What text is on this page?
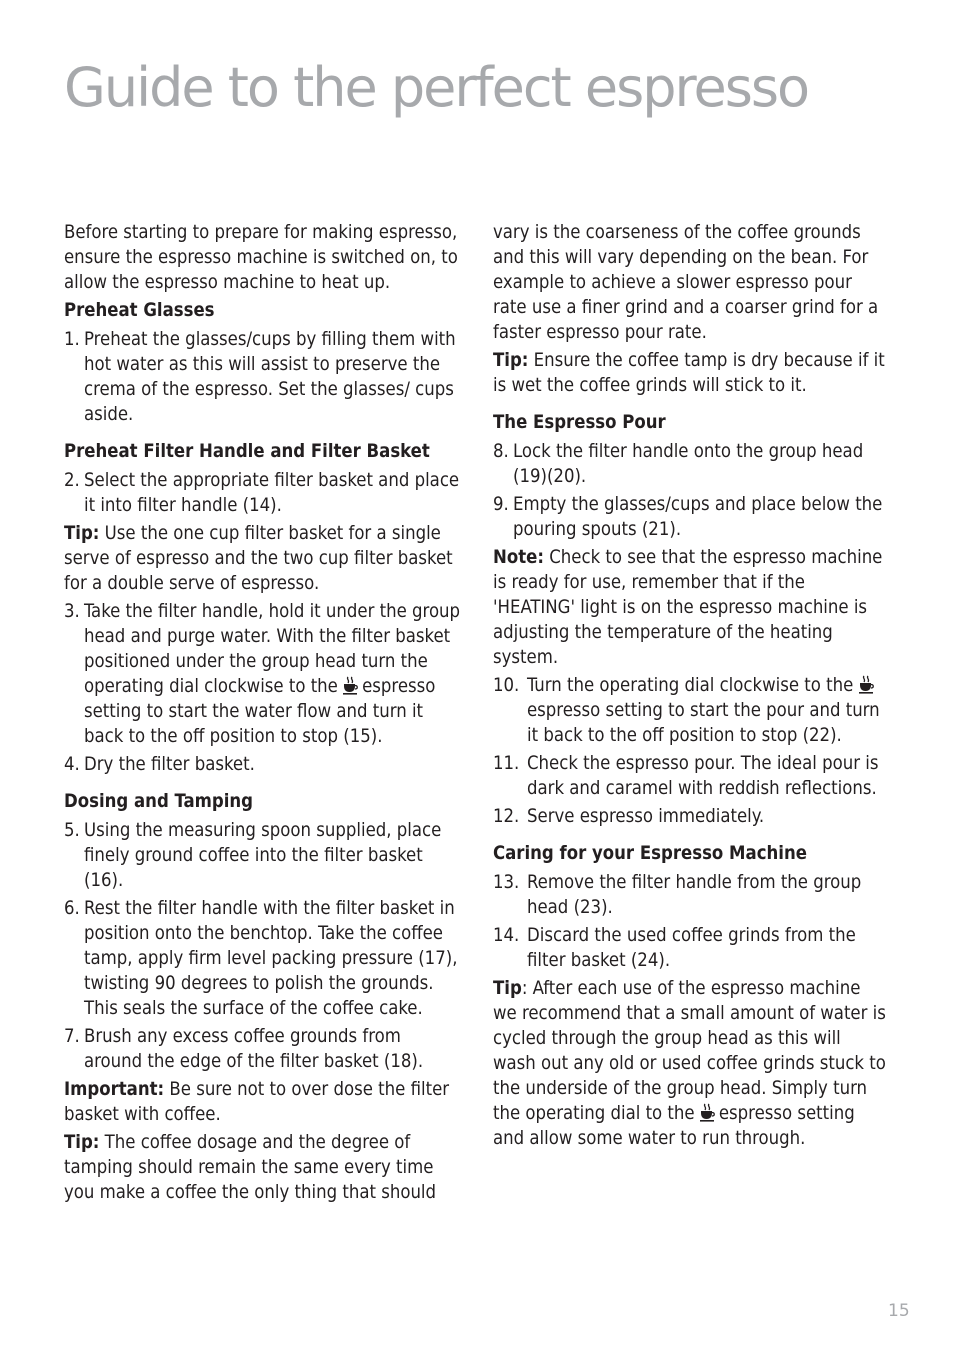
Guide to the perfect espresso

Before starting to prepare for making espresso, ensure the espresso machine is switched on, to allow the espresso machine to heat up.

Preheat Glasses
1. Preheat the glasses/cups by filling them with hot water as this will assist to preserve the crema of the espresso. Set the glasses/ cups aside.
Preheat Filter Handle and Filter Basket
2. Select the appropriate filter basket and place it into filter handle (14).

Tip: Use the one cup filter basket for a single serve of espresso and the two cup filter basket for a double serve of espresso.

3. Take the filter handle, hold it under the group head and purge water. With the filter basket positioned under the group head turn the operating dial clockwise to the espresso setting to start the water flow and turn it back to the off position to stop (15).
4. Dry the filter basket.
Dosing and Tamping
5. Using the measuring spoon supplied, place finely ground coffee into the filter basket (16).
6. Rest the filter handle with the filter basket in position onto the benchtop. Take the coffee tamp, apply firm level packing pressure (17), twisting 90 degrees to polish the grounds. This seals the surface of the coffee cake.
7. Brush any excess coffee grounds from around the edge of the filter basket (18).

Important: Be sure not to over dose the filter basket with coffee.

Tip: The coffee dosage and the degree of tamping should remain the same every time you make a coffee the only thing that should

vary is the coarseness of the coffee grounds and this will vary depending on the bean. For example to achieve a slower espresso pour rate use a finer grind and a coarser grind for a faster espresso pour rate.

Tip: Ensure the coffee tamp is dry because if it is wet the coffee grinds will stick to it.

The Espresso Pour
8. Lock the filter handle onto the group head (19)(20).
9. Empty the glasses/cups and place below the pouring spouts (21).

Note: Check to see that the espresso machine is ready for use, remember that if the 'HEATING' light is on the espresso machine is adjusting the temperature of the heating system.

10. Turn the operating dial clockwise to the espresso setting to start the pour and turn it back to the off position to stop (22).
11. Check the espresso pour. The ideal pour is dark and caramel with reddish reflections.
12. Serve espresso immediately.
Caring for your Espresso Machine
13. Remove the filter handle from the group head (23).
14. Discard the used coffee grinds from the filter basket (24).

Tip: After each use of the espresso machine we recommend that a small amount of water is cycled through the group head as this will wash out any old or used coffee grinds stuck to the underside of the group head. Simply turn the operating dial to the espresso setting and allow some water to run through.

15
